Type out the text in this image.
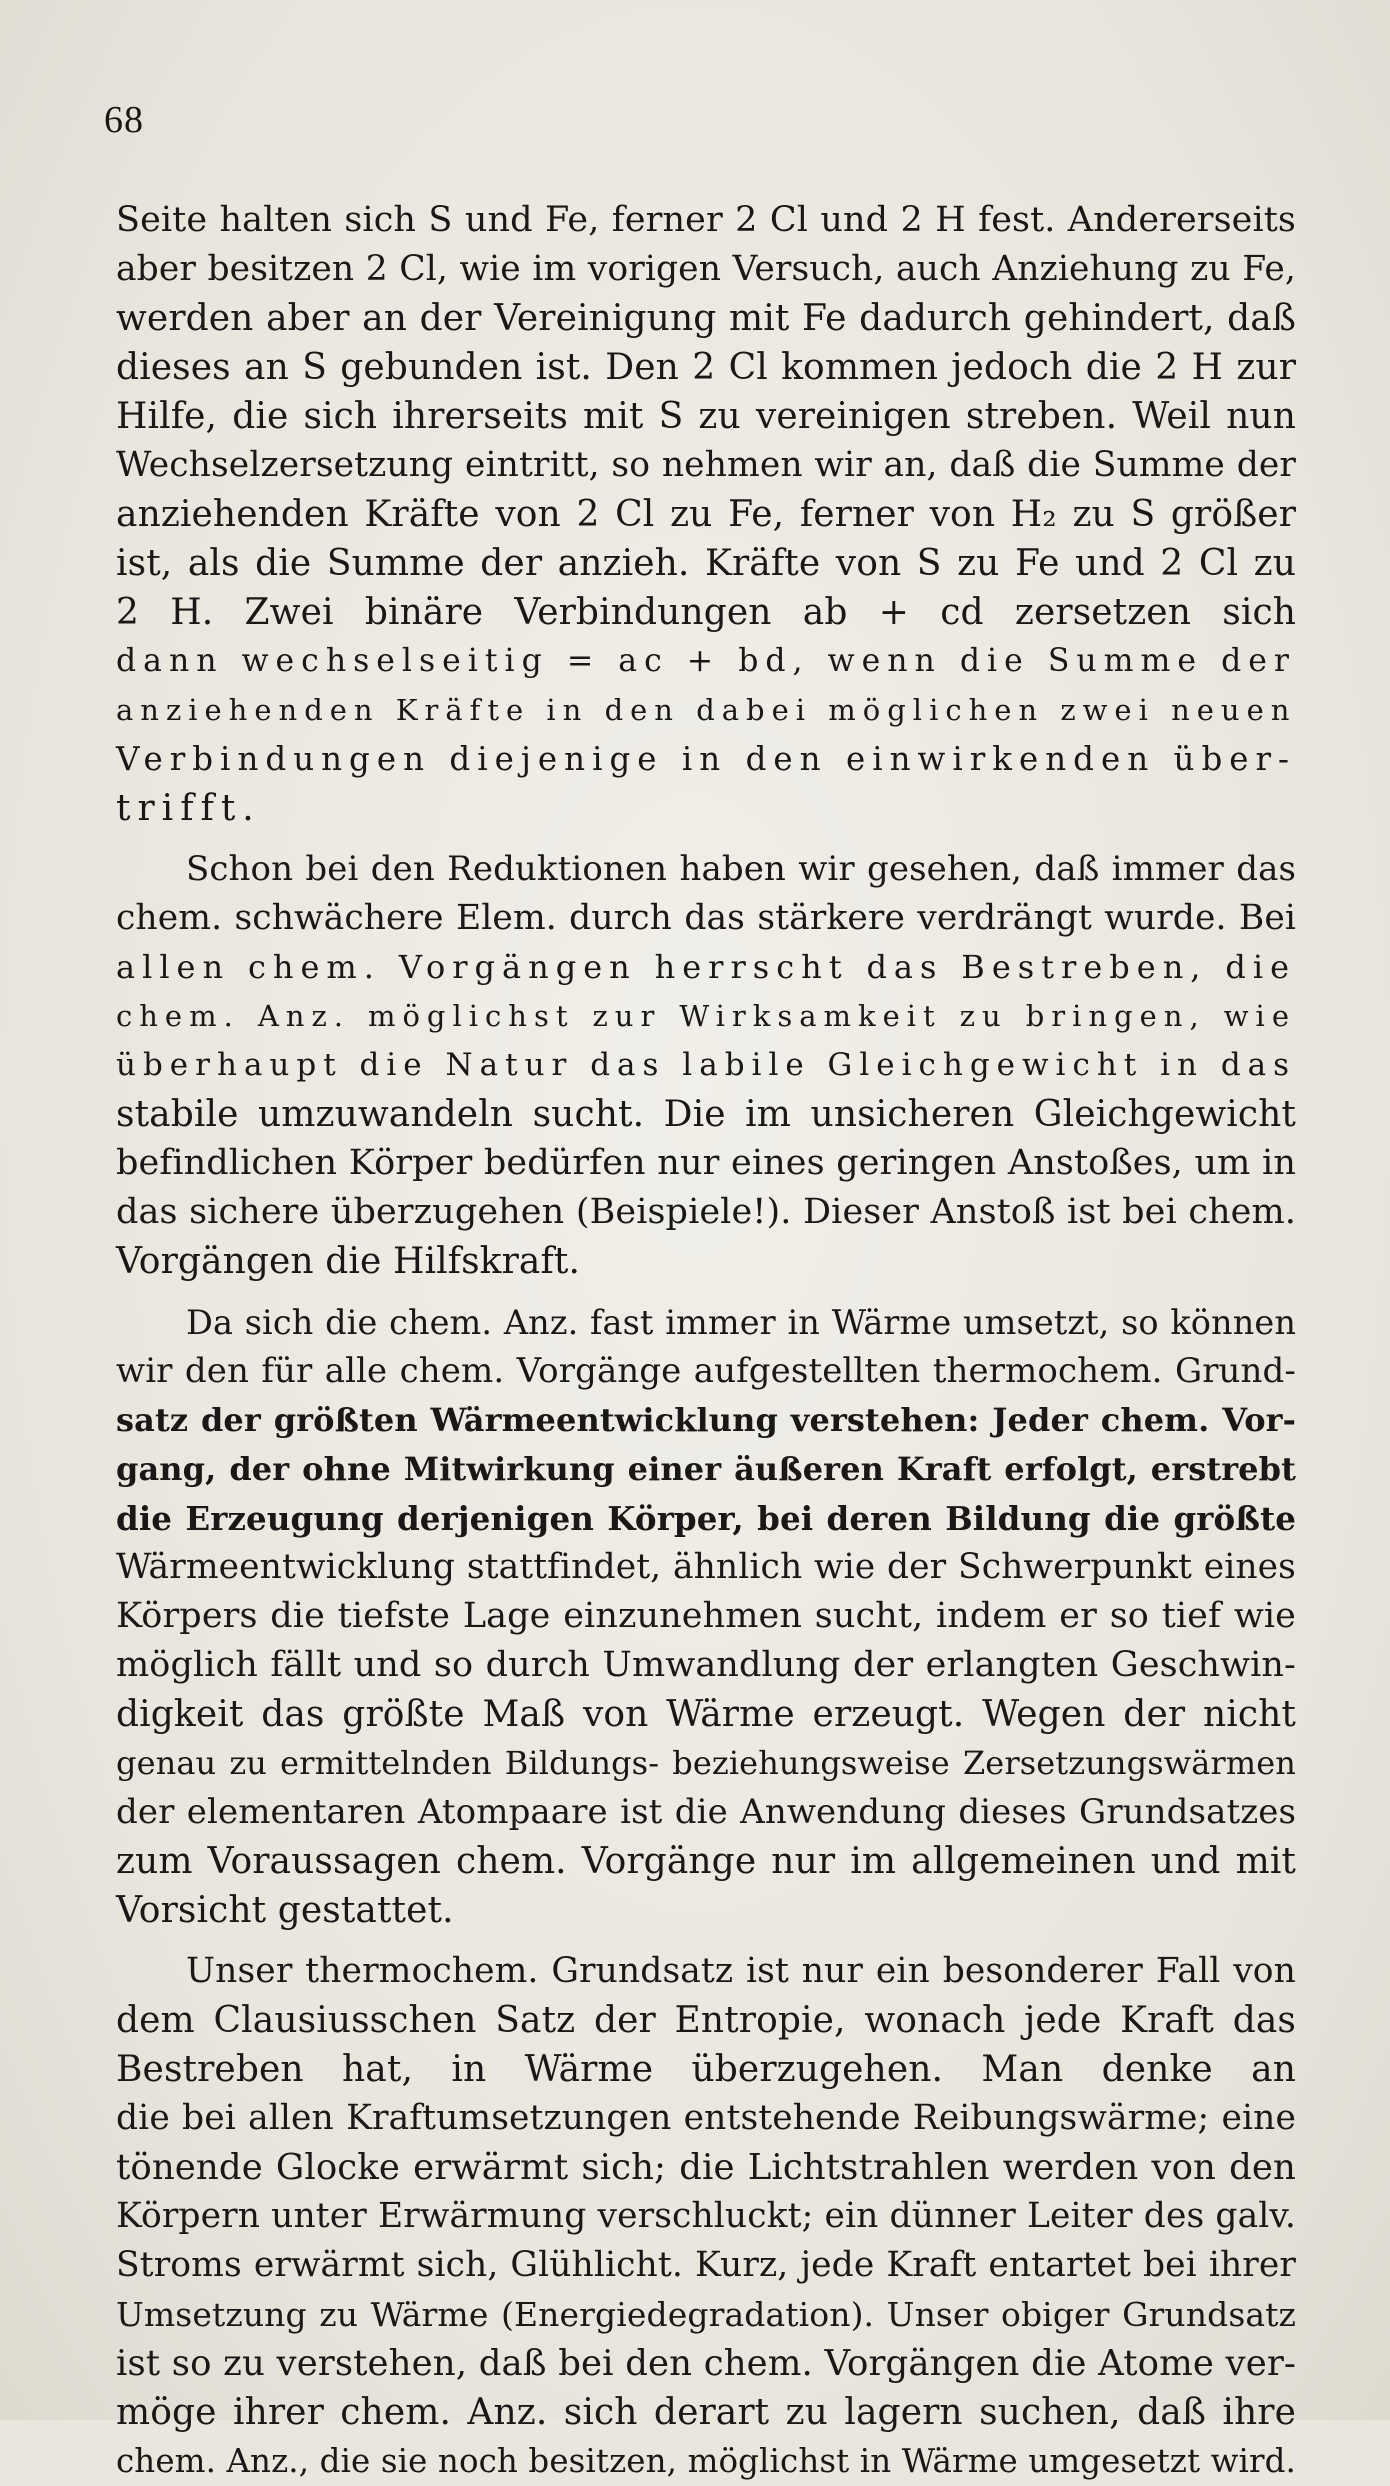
68
Seite halten sich S und Fe, ferner 2 Cl und 2 H fest. Andererseits
aber besitzen 2 Cl, wie im vorigen Versuch, auch Anziehung zu Fe,
werden aber an der Vereinigung mit Fe dadurch gehindert, daß
dieses an S gebunden ist. Den 2 Cl kommen jedoch die 2 H zur
Hilfe, die sich ihrerseits mit S zu vereinigen streben. Weil nun
Wechselzersetzung eintritt, so nehmen wir an, daß die Summe der
anziehenden Kräfte von 2 Cl zu Fe, ferner von H₂ zu S größer
ist, als die Summe der anzieh. Kräfte von S zu Fe und 2 Cl zu
2 H. Zwei binäre Verbindungen ab + cd zersetzen sich
dann wechselseitig = ac + bd, wenn die Summe der
anziehenden Kräfte in den dabei möglichen zwei neuen
Verbindungen diejenige in den einwirkenden über-
trifft.
Schon bei den Reduktionen haben wir gesehen, daß immer das
chem. schwächere Elem. durch das stärkere verdrängt wurde. Bei
allen chem. Vorgängen herrscht das Bestreben, die
chem. Anz. möglichst zur Wirksamkeit zu bringen, wie
überhaupt die Natur das labile Gleichgewicht in das
stabile umzuwandeln sucht. Die im unsicheren Gleichgewicht
befindlichen Körper bedürfen nur eines geringen Anstoßes, um in
das sichere überzugehen (Beispiele!). Dieser Anstoß ist bei chem.
Vorgängen die Hilfskraft.
Da sich die chem. Anz. fast immer in Wärme umsetzt, so können
wir den für alle chem. Vorgänge aufgestellten thermochem. Grund-
satz der größten Wärmeentwicklung verstehen: Jeder chem. Vor-
gang, der ohne Mitwirkung einer äußeren Kraft erfolgt, erstrebt
die Erzeugung derjenigen Körper, bei deren Bildung die größte
Wärmeentwicklung stattfindet, ähnlich wie der Schwerpunkt eines
Körpers die tiefste Lage einzunehmen sucht, indem er so tief wie
möglich fällt und so durch Umwandlung der erlangten Geschwin-
digkeit das größte Maß von Wärme erzeugt. Wegen der nicht
genau zu ermittelnden Bildungs- beziehungsweise Zersetzungswärmen
der elementaren Atompaare ist die Anwendung dieses Grundsatzes
zum Voraussagen chem. Vorgänge nur im allgemeinen und mit
Vorsicht gestattet.
Unser thermochem. Grundsatz ist nur ein besonderer Fall von
dem Clausiusschen Satz der Entropie, wonach jede Kraft das
Bestreben hat, in Wärme überzugehen. Man denke an
die bei allen Kraftumsetzungen entstehende Reibungswärme; eine
tönende Glocke erwärmt sich; die Lichtstrahlen werden von den
Körpern unter Erwärmung verschluckt; ein dünner Leiter des galv.
Stroms erwärmt sich, Glühlicht. Kurz, jede Kraft entartet bei ihrer
Umsetzung zu Wärme (Energiedegradation). Unser obiger Grundsatz
ist so zu verstehen, daß bei den chem. Vorgängen die Atome ver-
möge ihrer chem. Anz. sich derart zu lagern suchen, daß ihre
chem. Anz., die sie noch besitzen, möglichst in Wärme umgesetzt wird.
